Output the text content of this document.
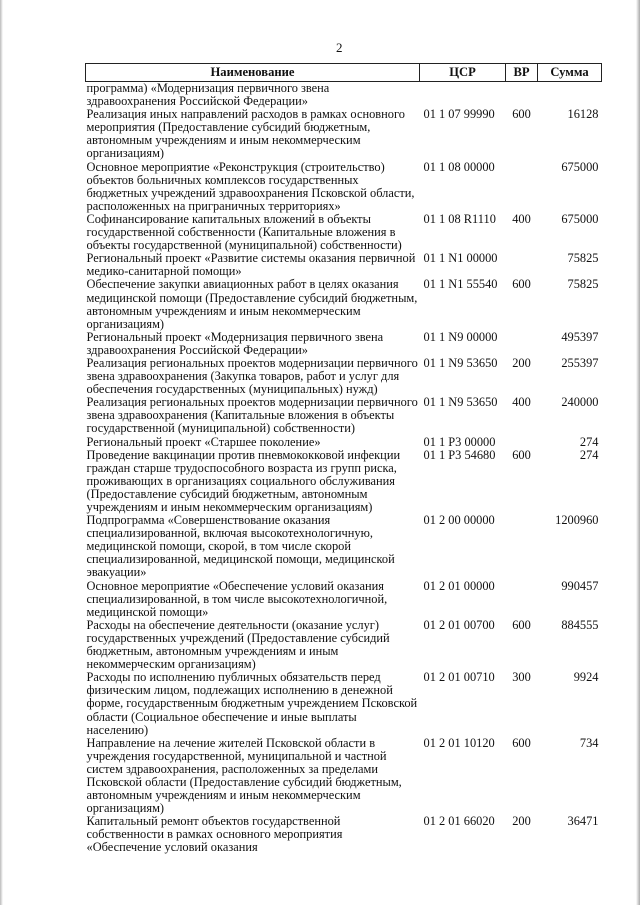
2
Наименование	ЦСР	ВР	Сумма
программа) «Модернизация первичного звена здравоохранения Российской Федерации»			
Реализация иных направлений расходов в рамках основного мероприятия (Предоставление субсидий бюджетным, автономным учреждениям и иным некоммерческим организациям)	01 1 07 99990	600	16128
Основное мероприятие «Реконструкция (строительство) объектов больничных комплексов государственных бюджетных учреждений здравоохранения Псковской области, расположенных на приграничных территориях»	01 1 08 00000		675000
Софинансирование капитальных вложений в объекты государственной собственности (Капитальные вложения в объекты государственной (муниципальной) собственности)	01 1 08 R1110	400	675000
Региональный проект «Развитие системы оказания первичной медико-санитарной помощи»	01 1 N1 00000		75825
Обеспечение закупки авиационных работ в целях оказания медицинской помощи (Предоставление субсидий бюджетным, автономным учреждениям и иным некоммерческим организациям)	01 1 N1 55540	600	75825
Региональный проект «Модернизация первичного звена здравоохранения Российской Федерации»	01 1 N9 00000		495397
Реализация региональных проектов модернизации первичного звена здравоохранения (Закупка товаров, работ и услуг для обеспечения государственных (муниципальных) нужд)	01 1 N9 53650	200	255397
Реализация региональных проектов модернизации первичного звена здравоохранения (Капитальные вложения в объекты государственной (муниципальной) собственности)	01 1 N9 53650	400	240000
Региональный проект «Старшее поколение»	01 1 P3 00000		274
Проведение вакцинации против пневмококковой инфекции граждан старше трудоспособного возраста из групп риска, проживающих в организациях социального обслуживания (Предоставление субсидий бюджетным, автономным учреждениям и иным некоммерческим организациям)	01 1 P3 54680	600	274
Подпрограмма «Совершенствование оказания специализированной, включая высокотехнологичную, медицинской помощи, скорой, в том числе скорой специализированной, медицинской помощи, медицинской эвакуации»	01 2 00 00000		1200960
Основное мероприятие «Обеспечение условий оказания специализированной, в том числе высокотехнологичной, медицинской помощи»	01 2 01 00000		990457
Расходы на обеспечение деятельности (оказание услуг) государственных учреждений (Предоставление субсидий бюджетным, автономным учреждениям и иным некоммерческим организациям)	01 2 01 00700	600	884555
Расходы по исполнению публичных обязательств перед физическим лицом, подлежащих исполнению в денежной форме, государственным бюджетным учреждением Псковской области (Социальное обеспечение и иные выплаты населению)	01 2 01 00710	300	9924
Направление на лечение жителей Псковской области в учреждения государственной, муниципальной и частной систем здравоохранения, расположенных за пределами Псковской области (Предоставление субсидий бюджетным, автономным учреждениям и иным некоммерческим организациям)	01 2 01 10120	600	734
Капитальный ремонт объектов государственной собственности в рамках основного мероприятия «Обеспечение условий оказания	01 2 01 66020	200	36471
